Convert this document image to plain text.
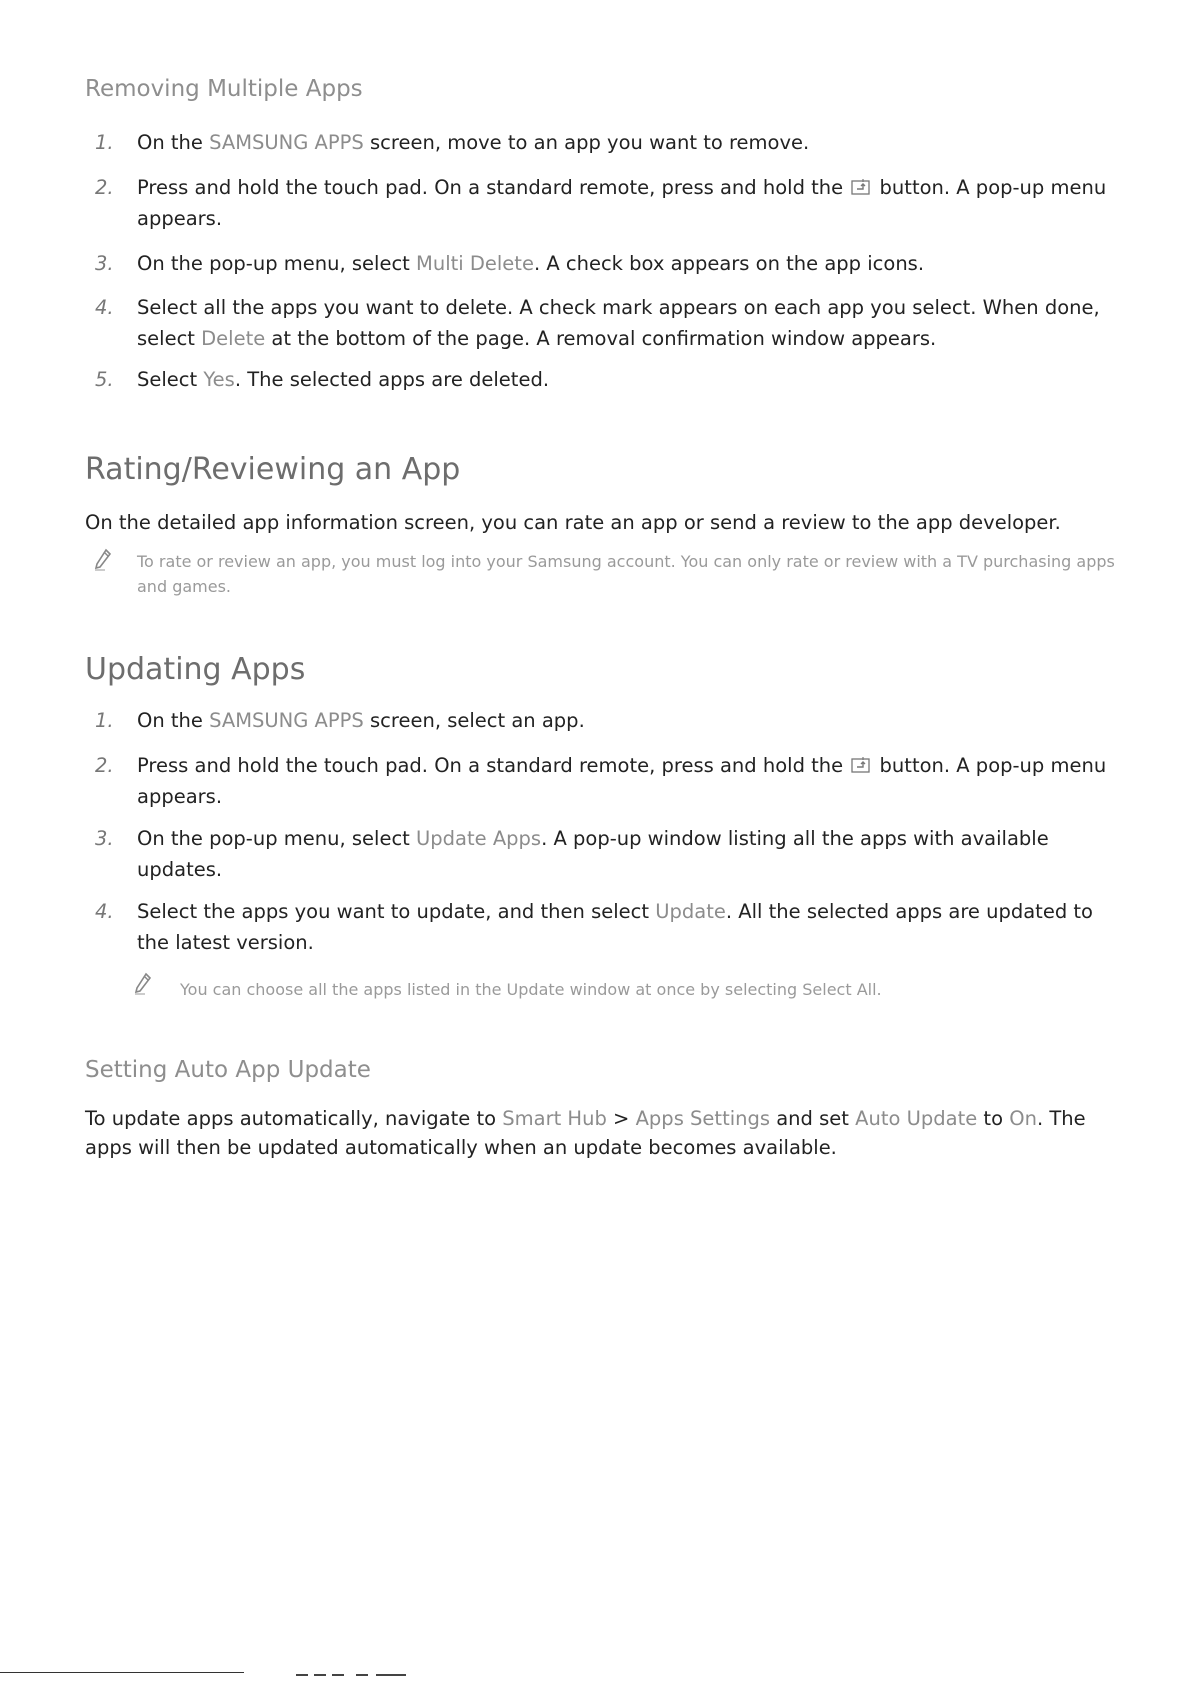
Removing Multiple Apps
1. On the SAMSUNG APPS screen, move to an app you want to remove.
2. Press and hold the touch pad. On a standard remote, press and hold the  button. A pop-up menu appears.
3. On the pop-up menu, select Multi Delete. A check box appears on the app icons.
4. Select all the apps you want to delete. A check mark appears on each app you select. When done, select Delete at the bottom of the page. A removal confirmation window appears.
5. Select Yes. The selected apps are deleted.
Rating/Reviewing an App
On the detailed app information screen, you can rate an app or send a review to the app developer.
To rate or review an app, you must log into your Samsung account. You can only rate or review with a TV purchasing apps and games.
Updating Apps
1. On the SAMSUNG APPS screen, select an app.
2. Press and hold the touch pad. On a standard remote, press and hold the  button. A pop-up menu appears.
3. On the pop-up menu, select Update Apps. A pop-up window listing all the apps with available updates.
4. Select the apps you want to update, and then select Update. All the selected apps are updated to the latest version.
You can choose all the apps listed in the Update window at once by selecting Select All.
Setting Auto App Update
To update apps automatically, navigate to Smart Hub > Apps Settings and set Auto Update to On. The apps will then be updated automatically when an update becomes available.
